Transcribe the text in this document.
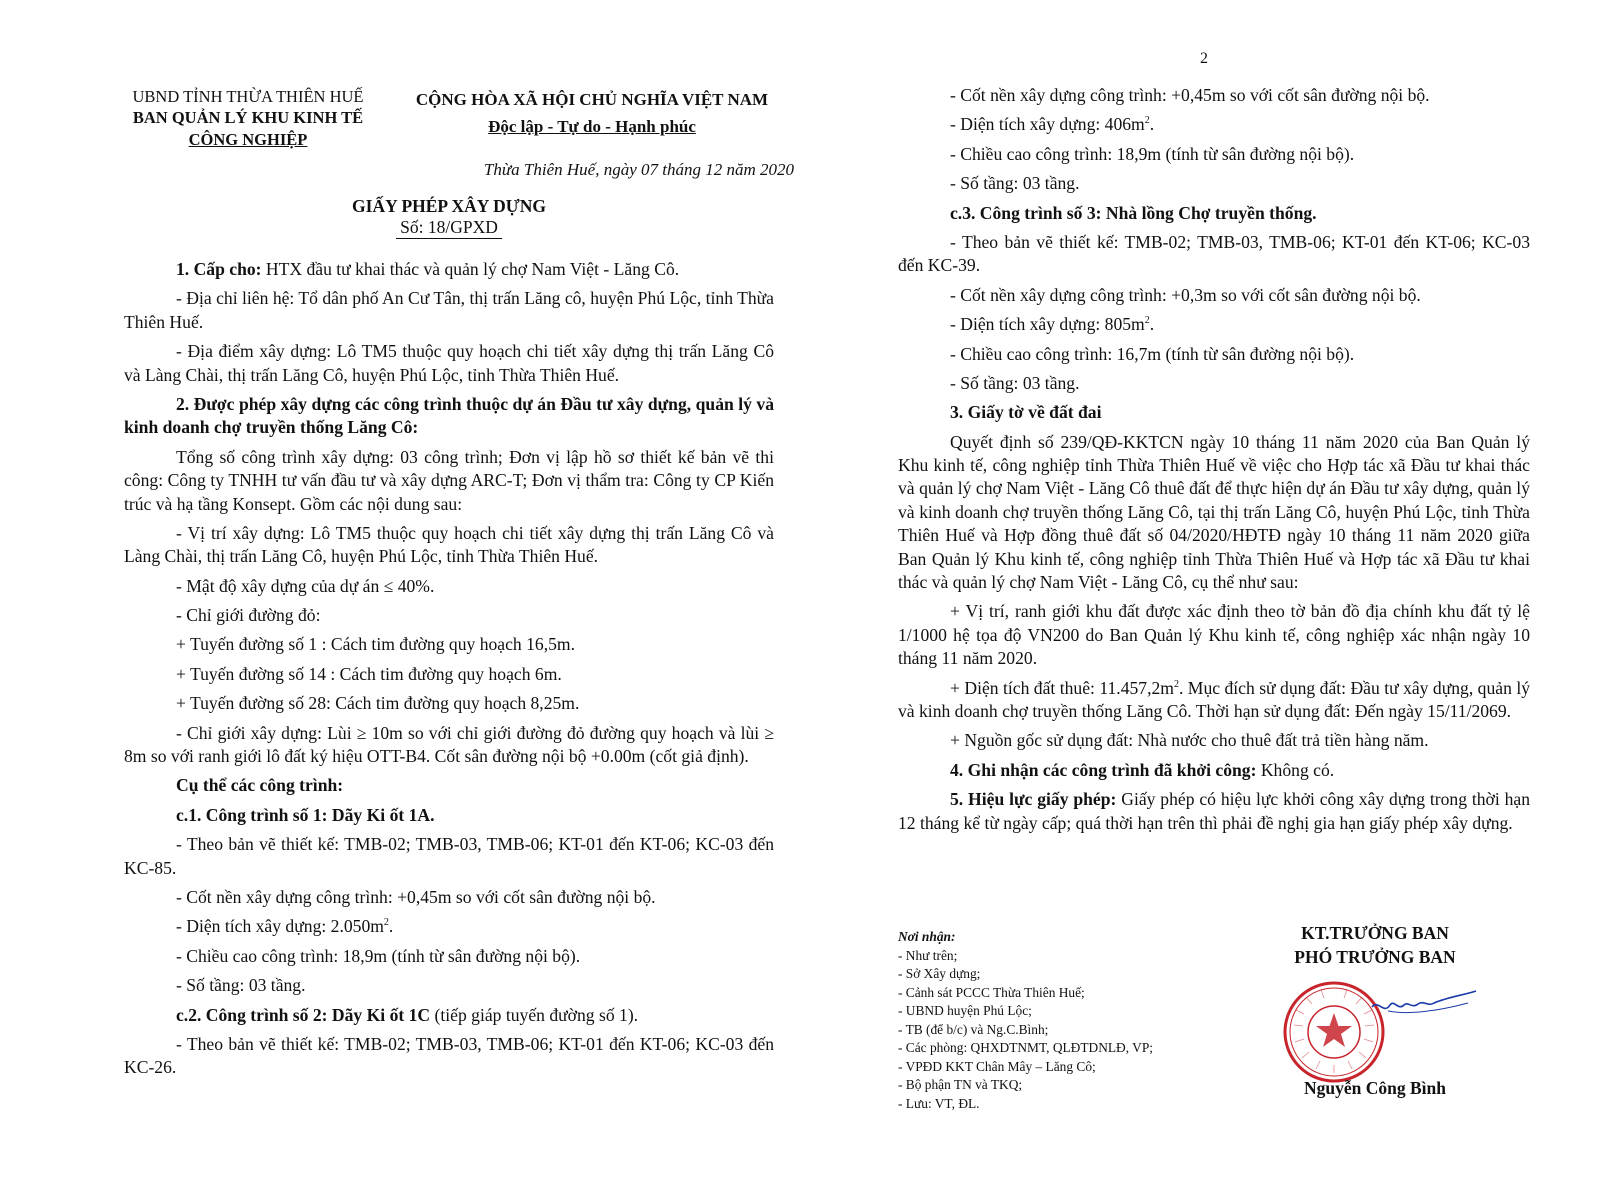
2
UBND TỈNH THỪA THIÊN HUẾ
BAN QUẢN LÝ KHU KINH TẾ
CÔNG NGHIỆP
CỘNG HÒA XÃ HỘI CHỦ NGHĨA VIỆT NAM
Độc lập - Tự do - Hạnh phúc
Thừa Thiên Huế, ngày 07 tháng 12 năm 2020
GIẤY PHÉP XÂY DỰNG
Số: 18/GPXD

1. Cấp cho: HTX đầu tư khai thác và quản lý chợ Nam Việt - Lăng Cô.

- Địa chỉ liên hệ: Tổ dân phố An Cư Tân, thị trấn Lăng cô, huyện Phú Lộc, tỉnh Thừa Thiên Huế.

- Địa điểm xây dựng: Lô TM5 thuộc quy hoạch chi tiết xây dựng thị trấn Lăng Cô và Làng Chài, thị trấn Lăng Cô, huyện Phú Lộc, tỉnh Thừa Thiên Huế.

2. Được phép xây dựng các công trình thuộc dự án Đầu tư xây dựng, quản lý và kinh doanh chợ truyền thống Lăng Cô:

Tổng số công trình xây dựng: 03 công trình; Đơn vị lập hồ sơ thiết kế bản vẽ thi công: Công ty TNHH tư vấn đầu tư và xây dựng ARC-T; Đơn vị thẩm tra: Công ty CP Kiến trúc và hạ tầng Konsept. Gồm các nội dung sau:

- Vị trí xây dựng: Lô TM5 thuộc quy hoạch chi tiết xây dựng thị trấn Lăng Cô và Làng Chài, thị trấn Lăng Cô, huyện Phú Lộc, tỉnh Thừa Thiên Huế.

- Mật độ xây dựng của dự án ≤ 40%.

- Chỉ giới đường đỏ:

+ Tuyến đường số 1 : Cách tim đường quy hoạch 16,5m.

+ Tuyến đường số 14 : Cách tim đường quy hoạch 6m.

+ Tuyến đường số 28: Cách tim đường quy hoạch 8,25m.

- Chỉ giới xây dựng: Lùi ≥ 10m so với chỉ giới đường đỏ đường quy hoạch và lùi ≥ 8m so với ranh giới lô đất ký hiệu OTT-B4. Cốt sân đường nội bộ +0.00m (cốt giả định).

Cụ thể các công trình:

c.1. Công trình số 1: Dãy Ki ốt 1A.

- Theo bản vẽ thiết kế: TMB-02; TMB-03, TMB-06; KT-01 đến KT-06; KC-03 đến KC-85.

- Cốt nền xây dựng công trình: +0,45m so với cốt sân đường nội bộ.

- Diện tích xây dựng: $2.050m^2$.

- Chiều cao công trình: 18,9m (tính từ sân đường nội bộ).

- Số tầng: 03 tầng.

c.2. Công trình số 2: Dãy Ki ốt 1C (tiếp giáp tuyến đường số 1).

- Theo bản vẽ thiết kế: TMB-02; TMB-03, TMB-06; KT-01 đến KT-06; KC-03 đến KC-26.

- Cốt nền xây dựng công trình: +0,45m so với cốt sân đường nội bộ.

- Diện tích xây dựng: $406m^2$.

- Chiều cao công trình: 18,9m (tính từ sân đường nội bộ).

- Số tầng: 03 tầng.

c.3. Công trình số 3: Nhà lồng Chợ truyền thống.

- Theo bản vẽ thiết kế: TMB-02; TMB-03, TMB-06; KT-01 đến KT-06; KC-03 đến KC-39.

- Cốt nền xây dựng công trình: +0,3m so với cốt sân đường nội bộ.

- Diện tích xây dựng: $805m^2$.

- Chiều cao công trình: 16,7m (tính từ sân đường nội bộ).

- Số tầng: 03 tầng.

3. Giấy tờ về đất đai

Quyết định số 239/QĐ-KKTCN ngày 10 tháng 11 năm 2020 của Ban Quản lý Khu kinh tế, công nghiệp tỉnh Thừa Thiên Huế về việc cho Hợp tác xã Đầu tư khai thác và quản lý chợ Nam Việt - Lăng Cô thuê đất để thực hiện dự án Đầu tư xây dựng, quản lý và kinh doanh chợ truyền thống Lăng Cô, tại thị trấn Lăng Cô, huyện Phú Lộc, tỉnh Thừa Thiên Huế và Hợp đồng thuê đất số 04/2020/HĐTĐ ngày 10 tháng 11 năm 2020 giữa Ban Quản lý Khu kinh tế, công nghiệp tỉnh Thừa Thiên Huế và Hợp tác xã Đầu tư khai thác và quản lý chợ Nam Việt - Lăng Cô, cụ thể như sau:

+ Vị trí, ranh giới khu đất được xác định theo tờ bản đồ địa chính khu đất tỷ lệ 1/1000 hệ tọa độ VN200 do Ban Quản lý Khu kinh tế, công nghiệp xác nhận ngày 10 tháng 11 năm 2020.

+ Diện tích đất thuê: $11.457,2m^2$. Mục đích sử dụng đất: Đầu tư xây dựng, quản lý và kinh doanh chợ truyền thống Lăng Cô. Thời hạn sử dụng đất: Đến ngày 15/11/2069.

+ Nguồn gốc sử dụng đất: Nhà nước cho thuê đất trả tiền hàng năm.

4. Ghi nhận các công trình đã khởi công: Không có.

5. Hiệu lực giấy phép: Giấy phép có hiệu lực khởi công xây dựng trong thời hạn 12 tháng kể từ ngày cấp; quá thời hạn trên thì phải đề nghị gia hạn giấy phép xây dựng.

Nơi nhận:
- Như trên;
- Sở Xây dựng;
- Cảnh sát PCCC Thừa Thiên Huế;
- UBND huyện Phú Lộc;
- TB (để b/c) và Ng.C.Bình;
- Các phòng: QHXDTNMT, QLĐTDNLĐ, VP;
- VPĐD KKT Chân Mây – Lăng Cô;
- Bộ phận TN và TKQ;
- Lưu: VT, ĐL.
KT.TRƯỞNG BAN
PHÓ TRƯỞNG BAN
Nguyễn Công Bình
